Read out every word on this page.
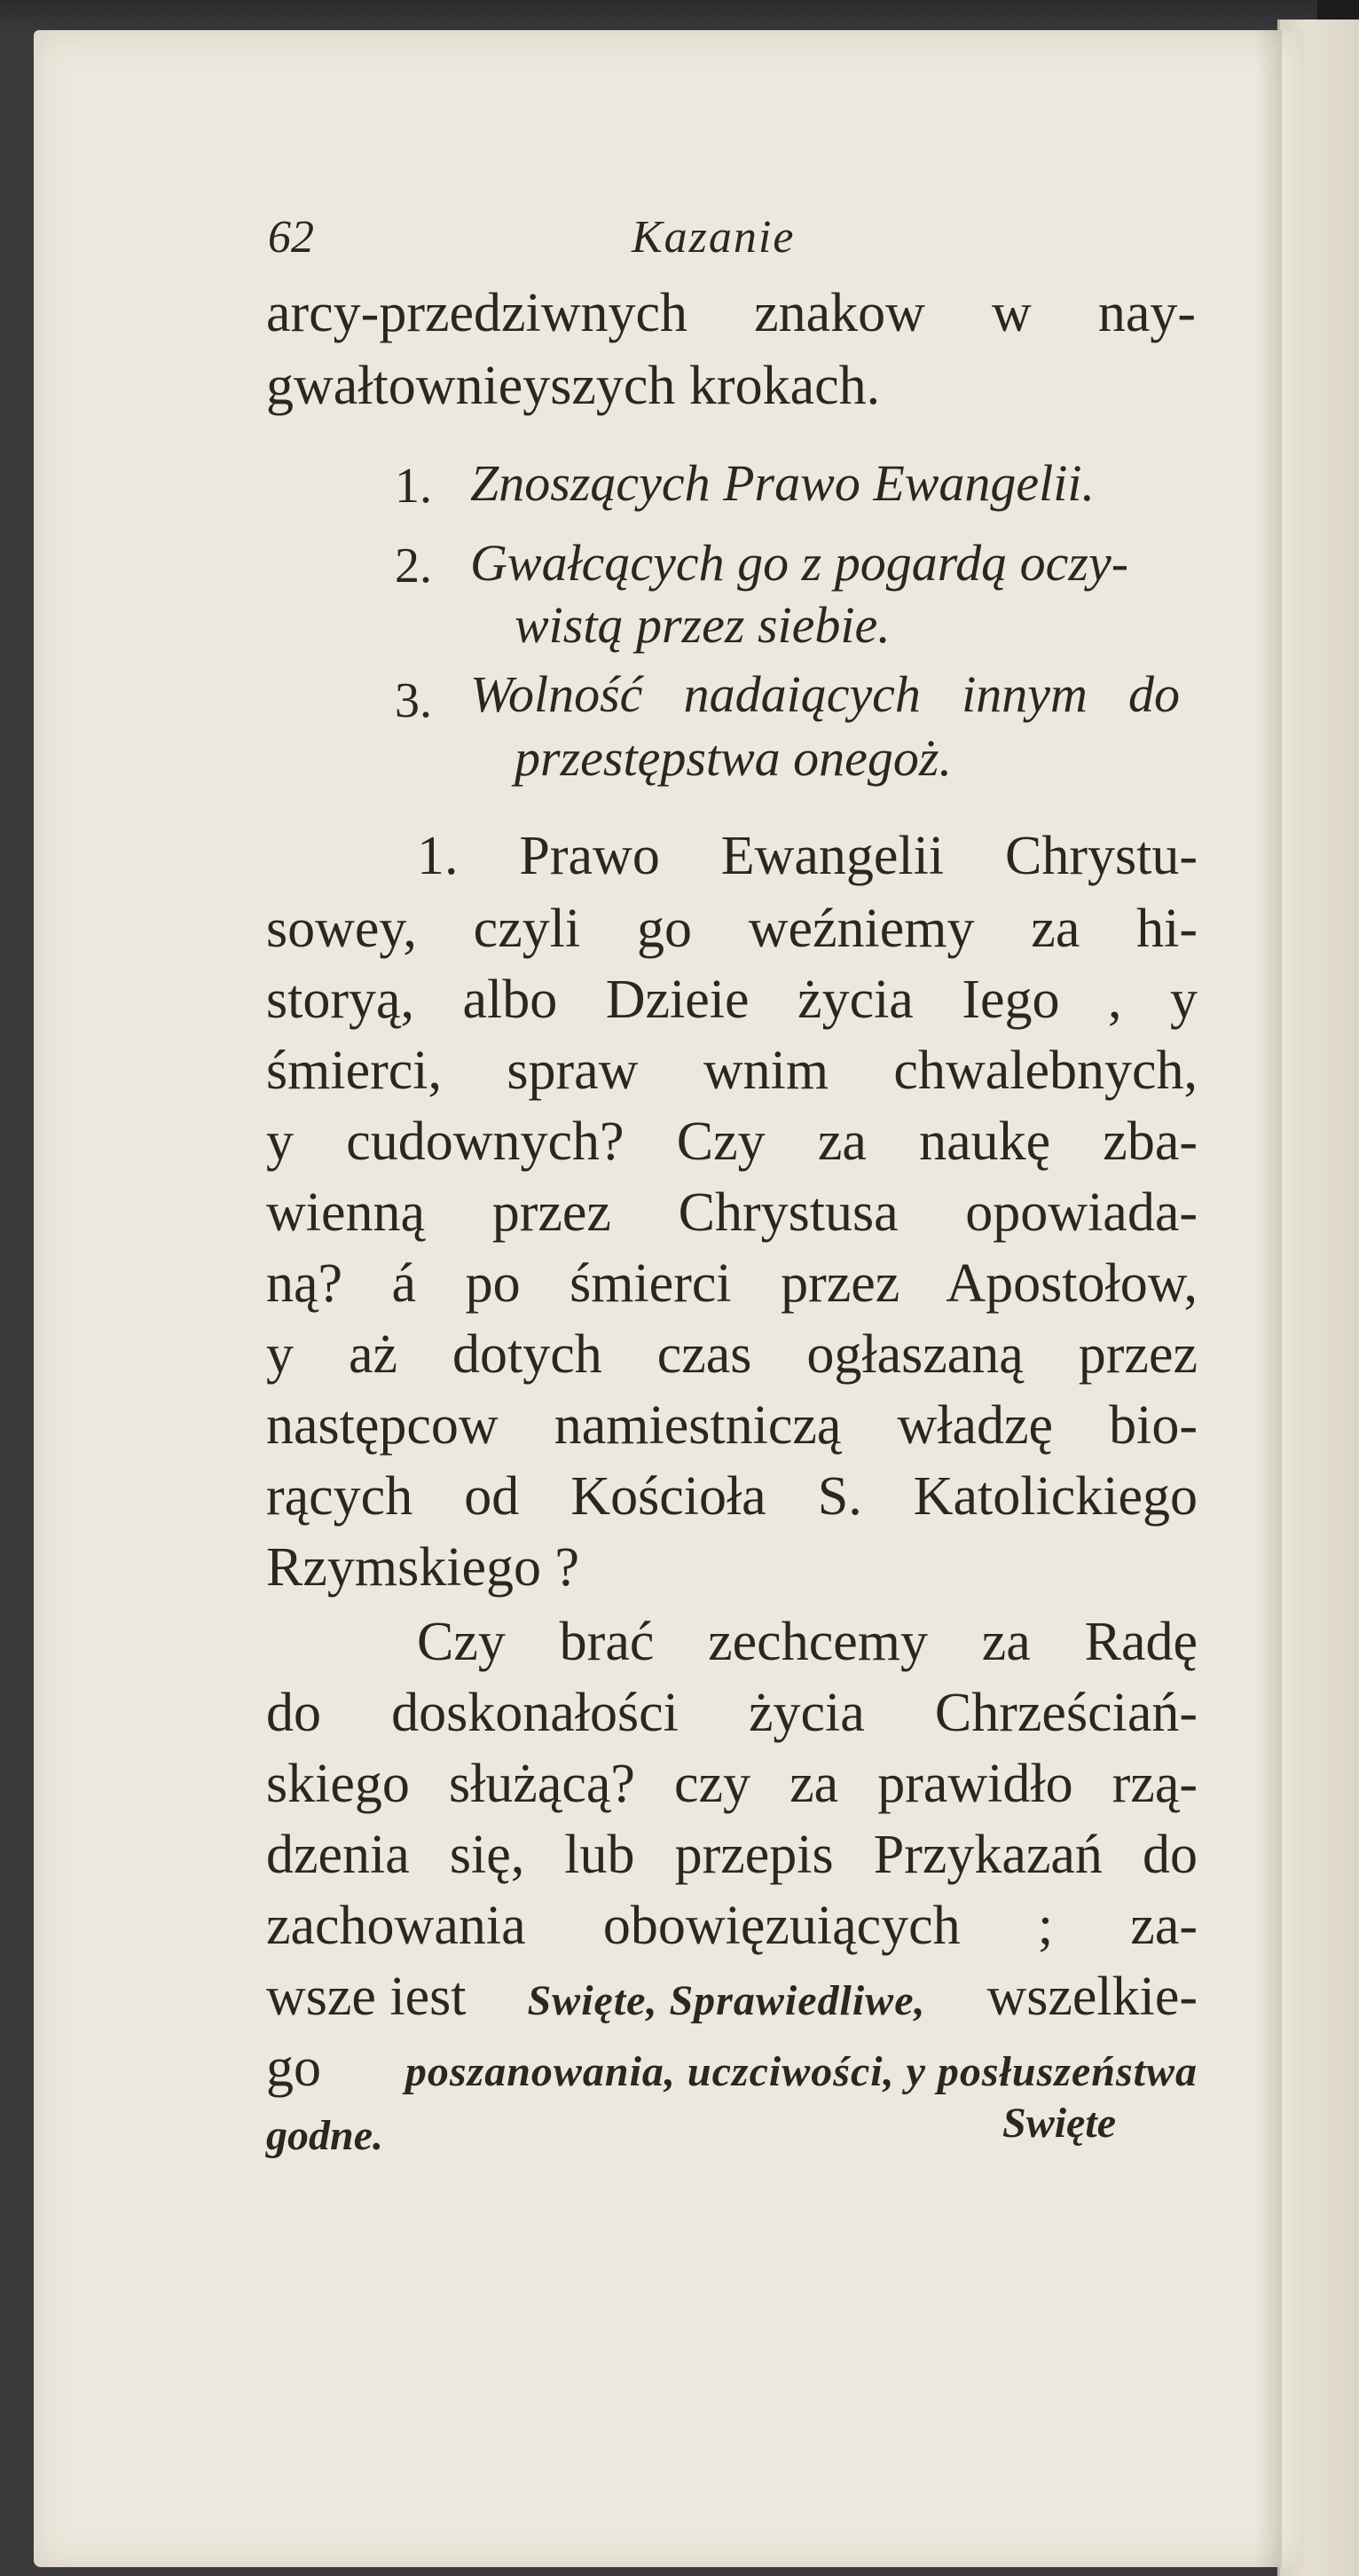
62	Kazanie
arcy-przedziwnych znakow w nay-
gwałtownieyszych krokach.
1. Znoszących Prawo Ewangelii.
2. Gwałcących go z pogardą oczy-
wistą przez siebie.
3. Wolność nadaiących innym do
przestępstwa onegoż.
1. Prawo Ewangelii Chrystu-
sowey, czyli go weźniemy za hi-
storyą, albo Dzieie życia Iego , y
śmierci, spraw wnim chwalebnych,
y cudownych? Czy za naukę zba-
wienną przez Chrystusa opowiada-
ną? á po śmierci przez Apostołow,
y aż dotych czas ogłaszaną przez
następcow namiestniczą władzę bio-
rących od Kościoła S. Katolickiego
Rzymskiego ?
Czy brać zechcemy za Radę
do doskonałości życia Chrześciań-
skiego służącą? czy za prawidło rzą-
dzenia się, lub przepis Przykazań do
zachowania obowięzuiących ; za-
wsze iest Swięte, Sprawiedliwe, wszelkie-
go poszanowania, uczciwości, y posłuszeństwa
godne.	Swięte
